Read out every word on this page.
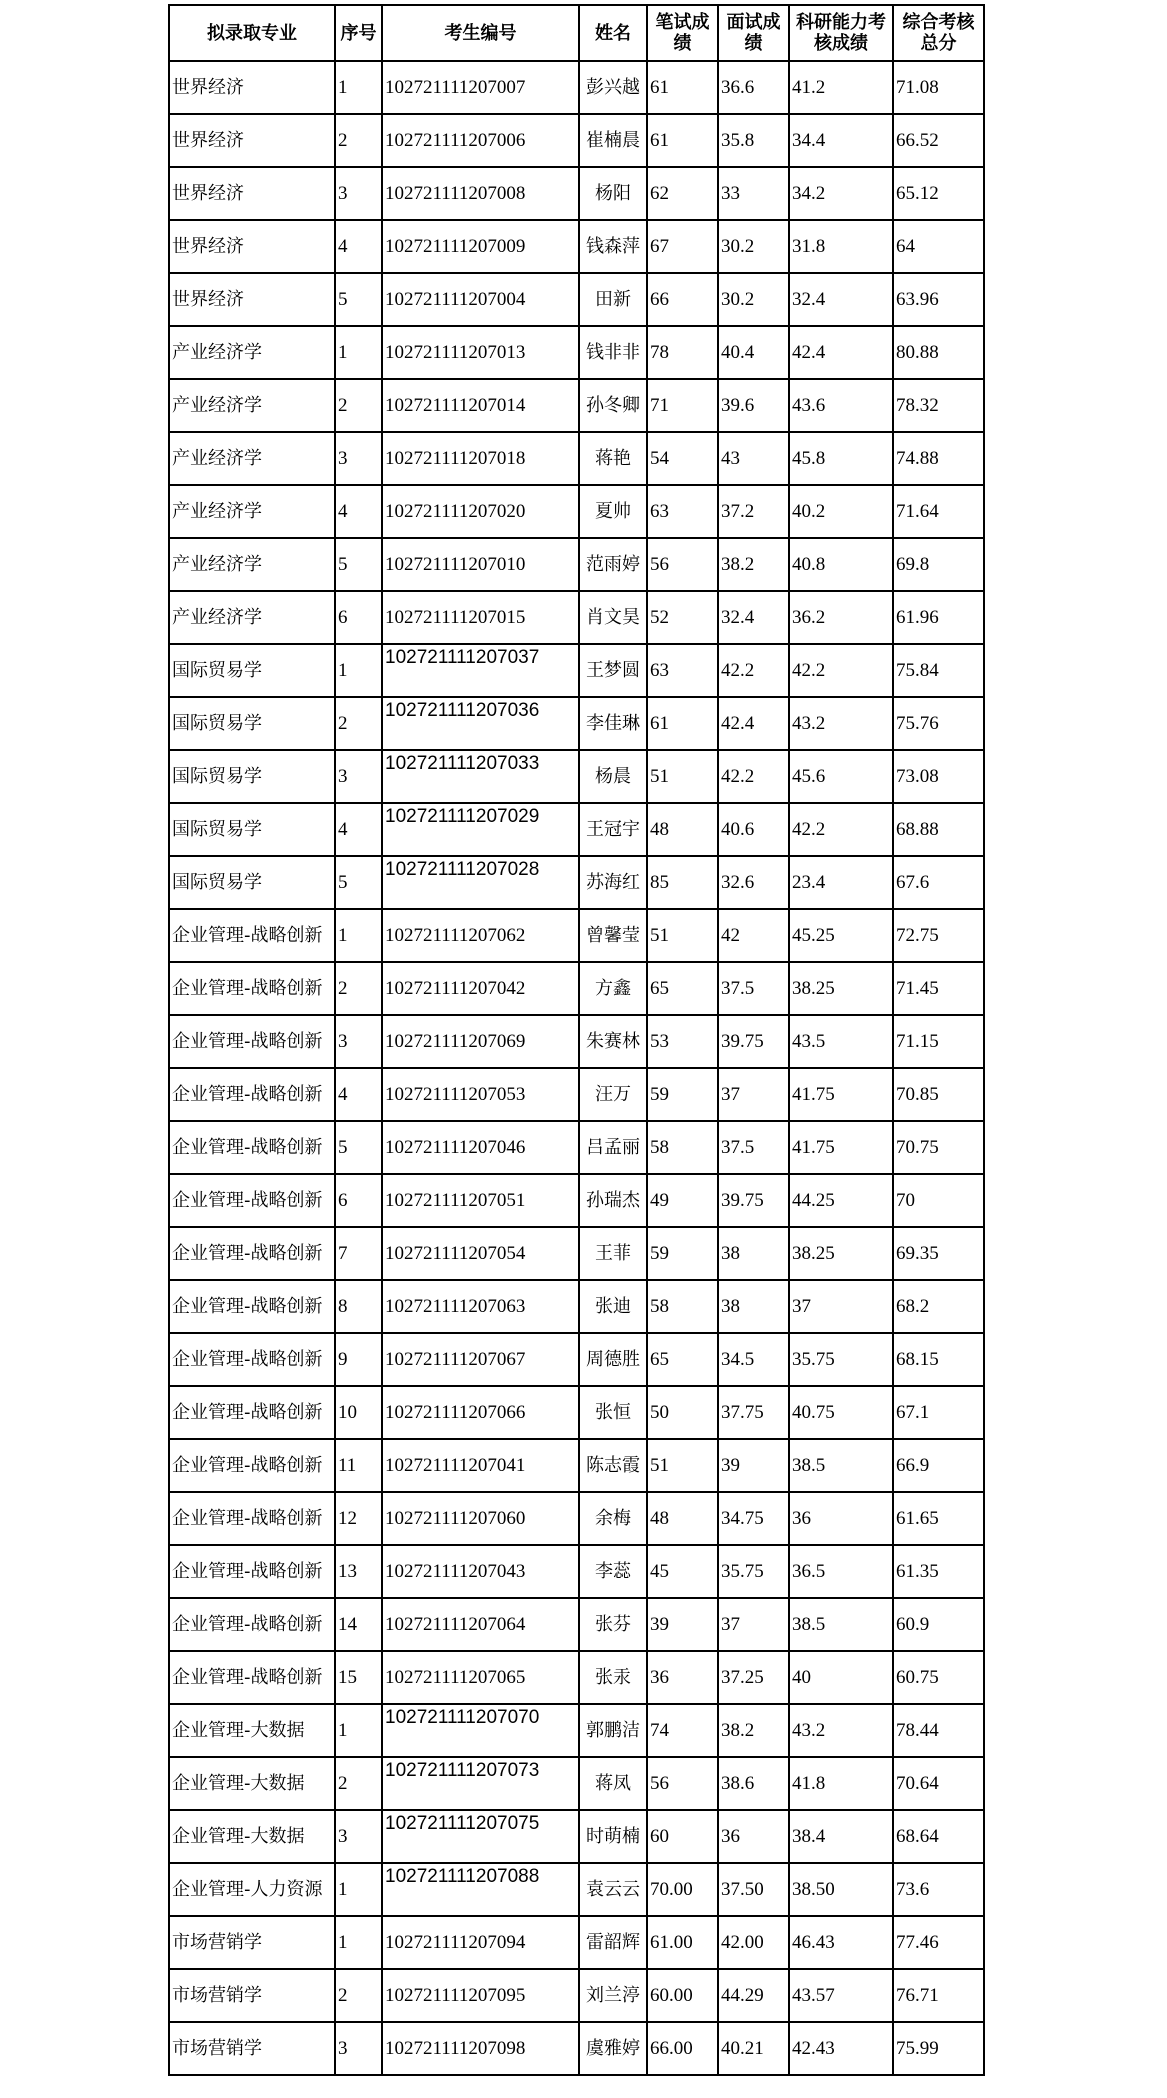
拟录取专业	序号	考生编号	姓名	笔试成绩	面试成绩	科研能力考核成绩	综合考核总分
世界经济	1	102721111207007	彭兴越	61	36.6	41.2	71.08
世界经济	2	102721111207006	崔楠晨	61	35.8	34.4	66.52
世界经济	3	102721111207008	杨阳	62	33	34.2	65.12
世界经济	4	102721111207009	钱森萍	67	30.2	31.8	64
世界经济	5	102721111207004	田新	66	30.2	32.4	63.96
产业经济学	1	102721111207013	钱非非	78	40.4	42.4	80.88
产业经济学	2	102721111207014	孙冬卿	71	39.6	43.6	78.32
产业经济学	3	102721111207018	蒋艳	54	43	45.8	74.88
产业经济学	4	102721111207020	夏帅	63	37.2	40.2	71.64
产业经济学	5	102721111207010	范雨婷	56	38.2	40.8	69.8
产业经济学	6	102721111207015	肖文昊	52	32.4	36.2	61.96
国际贸易学	1	102721111207037	王梦圆	63	42.2	42.2	75.84
国际贸易学	2	102721111207036	李佳琳	61	42.4	43.2	75.76
国际贸易学	3	102721111207033	杨晨	51	42.2	45.6	73.08
国际贸易学	4	102721111207029	王冠宇	48	40.6	42.2	68.88
国际贸易学	5	102721111207028	苏海红	85	32.6	23.4	67.6
企业管理-战略创新	1	102721111207062	曾馨莹	51	42	45.25	72.75
企业管理-战略创新	2	102721111207042	方鑫	65	37.5	38.25	71.45
企业管理-战略创新	3	102721111207069	朱赛林	53	39.75	43.5	71.15
企业管理-战略创新	4	102721111207053	汪万	59	37	41.75	70.85
企业管理-战略创新	5	102721111207046	吕孟丽	58	37.5	41.75	70.75
企业管理-战略创新	6	102721111207051	孙瑞杰	49	39.75	44.25	70
企业管理-战略创新	7	102721111207054	王菲	59	38	38.25	69.35
企业管理-战略创新	8	102721111207063	张迪	58	38	37	68.2
企业管理-战略创新	9	102721111207067	周德胜	65	34.5	35.75	68.15
企业管理-战略创新	10	102721111207066	张恒	50	37.75	40.75	67.1
企业管理-战略创新	11	102721111207041	陈志霞	51	39	38.5	66.9
企业管理-战略创新	12	102721111207060	余梅	48	34.75	36	61.65
企业管理-战略创新	13	102721111207043	李蕊	45	35.75	36.5	61.35
企业管理-战略创新	14	102721111207064	张芬	39	37	38.5	60.9
企业管理-战略创新	15	102721111207065	张汞	36	37.25	40	60.75
企业管理-大数据	1	102721111207070	郭鹏洁	74	38.2	43.2	78.44
企业管理-大数据	2	102721111207073	蒋凤	56	38.6	41.8	70.64
企业管理-大数据	3	102721111207075	时萌楠	60	36	38.4	68.64
企业管理-人力资源	1	102721111207088	袁云云	70.00	37.50	38.50	73.6
市场营销学	1	102721111207094	雷韶辉	61.00	42.00	46.43	77.46
市场营销学	2	102721111207095	刘兰渟	60.00	44.29	43.57	76.71
市场营销学	3	102721111207098	虞雅婷	66.00	40.21	42.43	75.99
